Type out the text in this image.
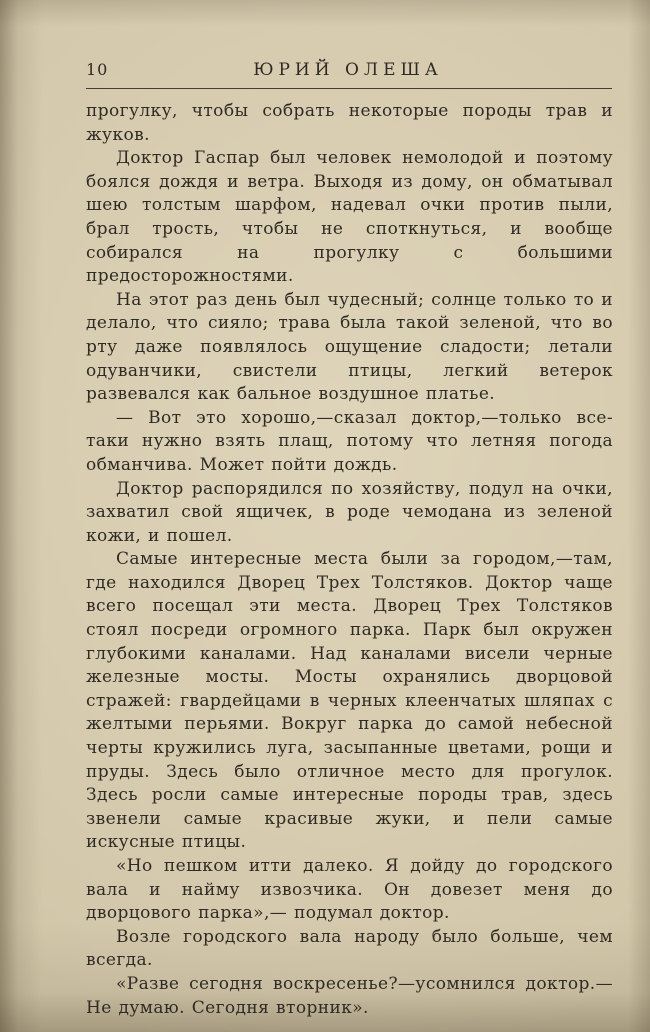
10	ЮРИЙ ОЛЕША

прогулку, чтобы собрать некоторые породы трав и жуков.

Доктор Гаспар был человек немолодой и поэтому боялся дождя и ветра. Выходя из дому, он обматывал шею толстым шарфом, надевал очки против пыли, брал трость, чтобы не споткнуться, и вообще собирался на прогулку с большими предосторожностями.

На этот раз день был чудесный; солнце только то и делало, что сияло; трава была такой зеленой, что во рту даже появлялось ощущение сладости; летали одуванчики, свистели птицы, легкий ветерок развевался как бальное воздушное платье.

— Вот это хорошо,—сказал доктор,—только все-таки нужно взять плащ, потому что летняя погода обманчива. Может пойти дождь.

Доктор распорядился по хозяйству, подул на очки, захватил свой ящичек, в роде чемодана из зеленой кожи, и пошел.

Самые интересные места были за городом,—там, где находился Дворец Трех Толстяков. Доктор чаще всего посещал эти места. Дворец Трех Толстяков стоял посреди огромного парка. Парк был окружен глубокими каналами. Над каналами висели черные железные мосты. Мосты охранялись дворцовой стражей: гвардейцами в черных клеенчатых шляпах с желтыми перьями. Вокруг парка до самой небесной черты кружились луга, засыпанные цветами, рощи и пруды. Здесь было отличное место для прогулок. Здесь росли самые интересные породы трав, здесь звенели самые красивые жуки, и пели самые искусные птицы.

«Но пешком итти далеко. Я дойду до городского вала и найму извозчика. Он довезет меня до дворцового парка»,— подумал доктор.

Возле городского вала народу было больше, чем всегда.

«Разве сегодня воскресенье?—усомнился доктор.—Не думаю. Сегодня вторник».
